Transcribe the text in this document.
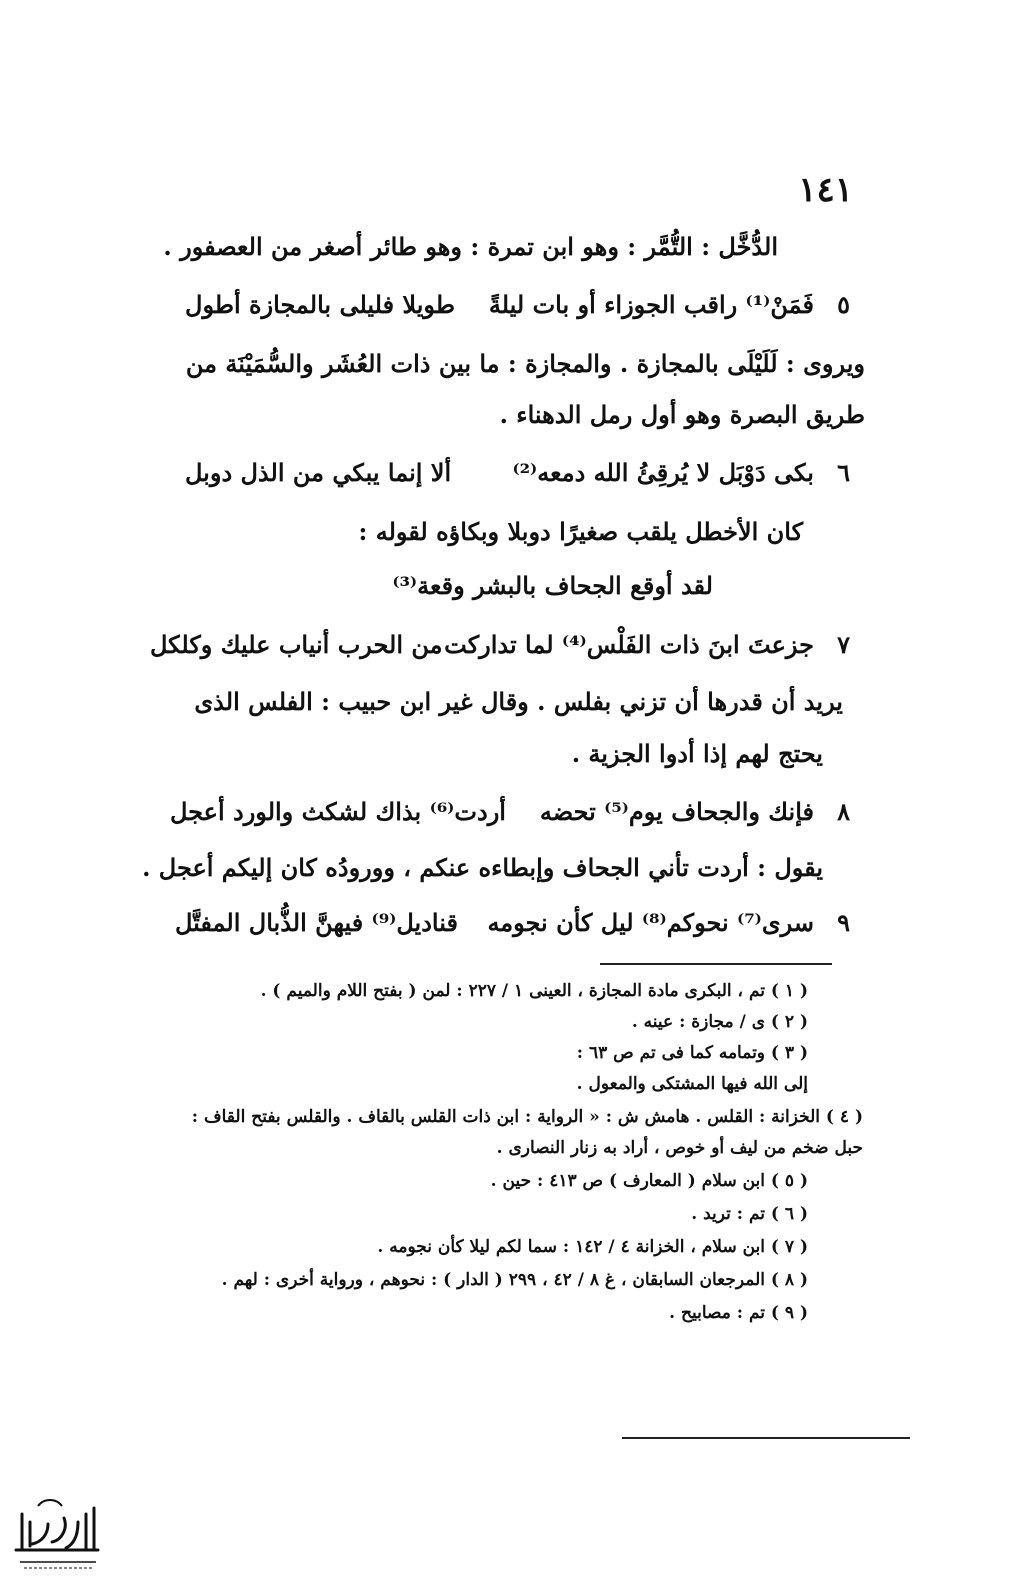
١٤١
الدُّخَّل : التُّمَّر : وهو ابن تمرة : وهو طائر أصغر من العصفور .
٥
فَمَنْ⁽¹⁾ راقب الجوزاء أو بات ليلةً
طويلا فليلى بالمجازة أطول
ويروى : لَلَيْلَى بالمجازة . والمجازة : ما بين ذات العُشَر والسُّمَيْنَة من
طريق البصرة وهو أول رمل الدهناء .
٦
بكى دَوْبَل لا يُرقِئُ الله دمعه⁽²⁾
ألا إنما يبكي من الذل دوبل
كان الأخطل يلقب صغيرًا دوبلا وبكاؤه لقوله :
لقد أوقع الجحاف بالبشر وقعة⁽³⁾
٧
جزعتَ ابنَ ذات الفَلْس⁽⁴⁾ لما تداركت
من الحرب أنياب عليك وكلكل
يريد أن قدرها أن تزني بفلس . وقال غير ابن حبيب : الفلس الذى
يحتج لهم إذا أدوا الجزية .
٨
فإنك والجحاف يوم⁽⁵⁾ تحضه
أردت⁽⁶⁾ بذاك لشكث والورد أعجل
يقول : أردت تأني الجحاف وإبطاءه عنكم ، وورودُه كان إليكم أعجل .
٩
سرى⁽⁷⁾ نحوكم⁽⁸⁾ ليل كأن نجومه
قناديل⁽⁹⁾ فيهنَّ الذُّبال المفتَّل
( ١ ) تم ، البكرى مادة المجازة ، العينى ١ / ٢٢٧ : لمن ( بفتح اللام والميم ) .
( ٢ ) ى / مجازة : عينه .
( ٣ ) وتمامه كما فى تم ص ٦٣ :
إلى الله فيها المشتكى والمعول .
( ٤ ) الخزانة : القلس . هامش ش : « الرواية : ابن ذات القلس بالقاف . والقلس بفتح القاف :
حبل ضخم من ليف أو خوص ، أراد به زنار النصارى .
( ٥ ) ابن سلام ( المعارف ) ص ٤١٣ : حين .
( ٦ ) تم : تريد .
( ٧ ) ابن سلام ، الخزانة ٤ / ١٤٢ : سما لكم ليلا كأن نجومه .
( ٨ ) المرجعان السابقان ، غ ٨ / ٤٢ ، ٢٩٩ ( الدار ) : نحوهم ، ورواية أخرى : لهم .
( ٩ ) تم : مصابيح .
